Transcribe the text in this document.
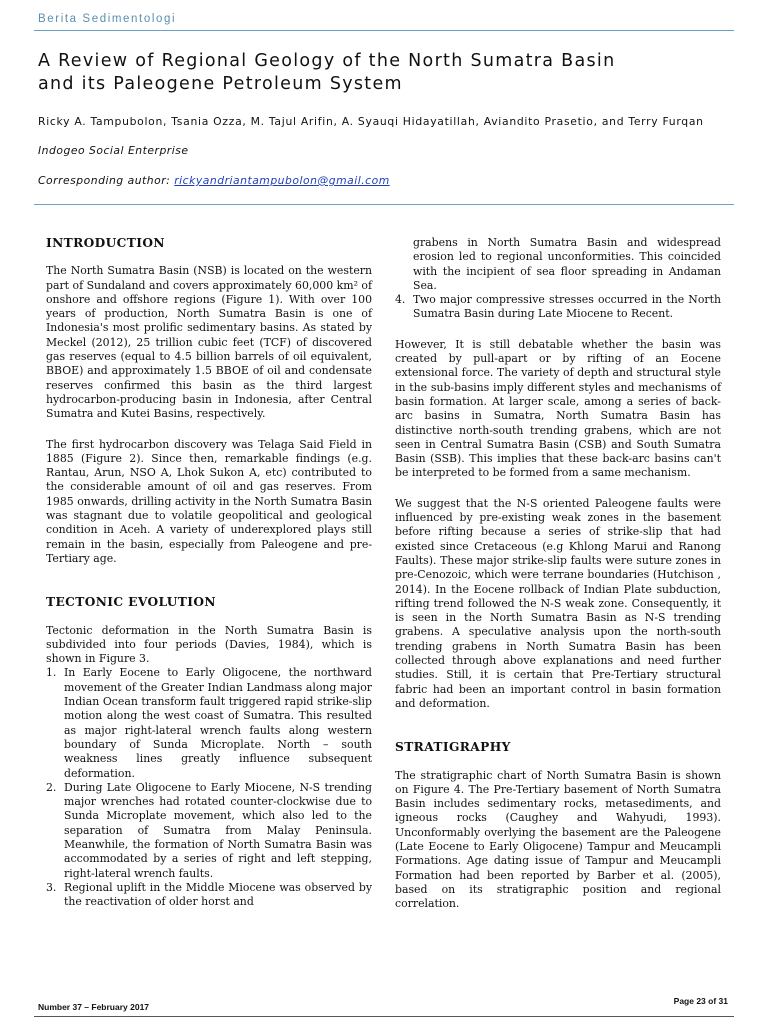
Berita Sedimentologi
A Review of Regional Geology of the North Sumatra Basin
and its Paleogene Petroleum System
Ricky A. Tampubolon, Tsania Ozza, M. Tajul Arifin, A. Syauqi Hidayatillah, Aviandito Prasetio, and Terry Furqan
Indogeo Social Enterprise
Corresponding author: rickyandriantampubolon@gmail.com
INTRODUCTION

The North Sumatra Basin (NSB) is located on the western part of Sundaland and covers approximately 60,000 km² of onshore and offshore regions (Figure 1). With over 100 years of production, North Sumatra Basin is one of Indonesia's most prolific sedimentary basins. As stated by Meckel (2012), 25 trillion cubic feet (TCF) of discovered gas reserves (equal to 4.5 billion barrels of oil equivalent, BBOE) and approximately 1.5 BBOE of oil and condensate reserves confirmed this basin as the third largest hydrocarbon-producing basin in Indonesia, after Central Sumatra and Kutei Basins, respectively.

The first hydrocarbon discovery was Telaga Said Field in 1885 (Figure 2). Since then, remarkable findings (e.g. Rantau, Arun, NSO A, Lhok Sukon A, etc) contributed to the considerable amount of oil and gas reserves. From 1985 onwards, drilling activity in the North Sumatra Basin was stagnant due to volatile geopolitical and geological condition in Aceh. A variety of underexplored plays still remain in the basin, especially from Paleogene and pre-Tertiary age.

TECTONIC EVOLUTION

Tectonic deformation in the North Sumatra Basin is subdivided into four periods (Davies, 1984), which is shown in Figure 3.

1. In Early Eocene to Early Oligocene, the northward movement of the Greater Indian Landmass along major Indian Ocean transform fault triggered rapid strike-slip motion along the west coast of Sumatra. This resulted as major right-lateral wrench faults along western boundary of Sunda Microplate. North – south weakness lines greatly influence subsequent deformation.
2. During Late Oligocene to Early Miocene, N-S trending major wrenches had rotated counter-clockwise due to Sunda Microplate movement, which also led to the separation of Sumatra from Malay Peninsula. Meanwhile, the formation of North Sumatra Basin was accommodated by a series of right and left stepping, right-lateral wrench faults.
3. Regional uplift in the Middle Miocene was observed by the reactivation of older horst and
grabens in North Sumatra Basin and widespread erosion led to regional unconformities. This coincided with the incipient of sea floor spreading in Andaman Sea.
4. Two major compressive stresses occurred in the North Sumatra Basin during Late Miocene to Recent.

However, It is still debatable whether the basin was created by pull-apart or by rifting of an Eocene extensional force. The variety of depth and structural style in the sub-basins imply different styles and mechanisms of basin formation. At larger scale, among a series of back-arc basins in Sumatra, North Sumatra Basin has distinctive north-south trending grabens, which are not seen in Central Sumatra Basin (CSB) and South Sumatra Basin (SSB). This implies that these back-arc basins can't be interpreted to be formed from a same mechanism.

We suggest that the N-S oriented Paleogene faults were influenced by pre-existing weak zones in the basement before rifting because a series of strike-slip that had existed since Cretaceous (e.g Khlong Marui and Ranong Faults). These major strike-slip faults were suture zones in pre-Cenozoic, which were terrane boundaries (Hutchison , 2014). In the Eocene rollback of Indian Plate subduction, rifting trend followed the N-S weak zone. Consequently, it is seen in the North Sumatra Basin as N-S trending grabens. A speculative analysis upon the north-south trending grabens in North Sumatra Basin has been collected through above explanations and need further studies. Still, it is certain that Pre-Tertiary structural fabric had been an important control in basin formation and deformation.

STRATIGRAPHY

The stratigraphic chart of North Sumatra Basin is shown on Figure 4. The Pre-Tertiary basement of North Sumatra Basin includes sedimentary rocks, metasediments, and igneous rocks (Caughey and Wahyudi, 1993). Unconformably overlying the basement are the Paleogene (Late Eocene to Early Oligocene) Tampur and Meucampli Formations. Age dating issue of Tampur and Meucampli Formation had been reported by Barber et al. (2005), based on its stratigraphic position and regional correlation.

Number 37 – February 2017
Page 23 of 31
